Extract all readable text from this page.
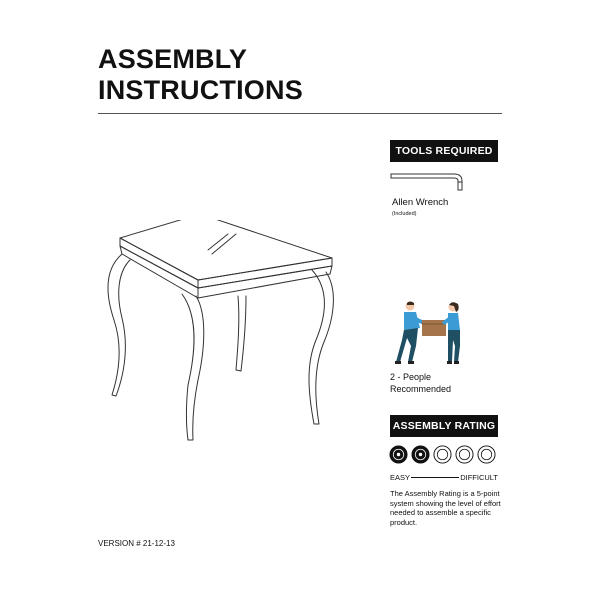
ASSEMBLY
INSTRUCTIONS
TOOLS REQUIRED
Allen Wrench
(Included)
2 - People
Recommended
ASSEMBLY RATING
EASY	DIFFICULT
The Assembly Rating is a 5-point system showing the level of effort needed to assemble a specific product.
VERSION # 21-12-13
